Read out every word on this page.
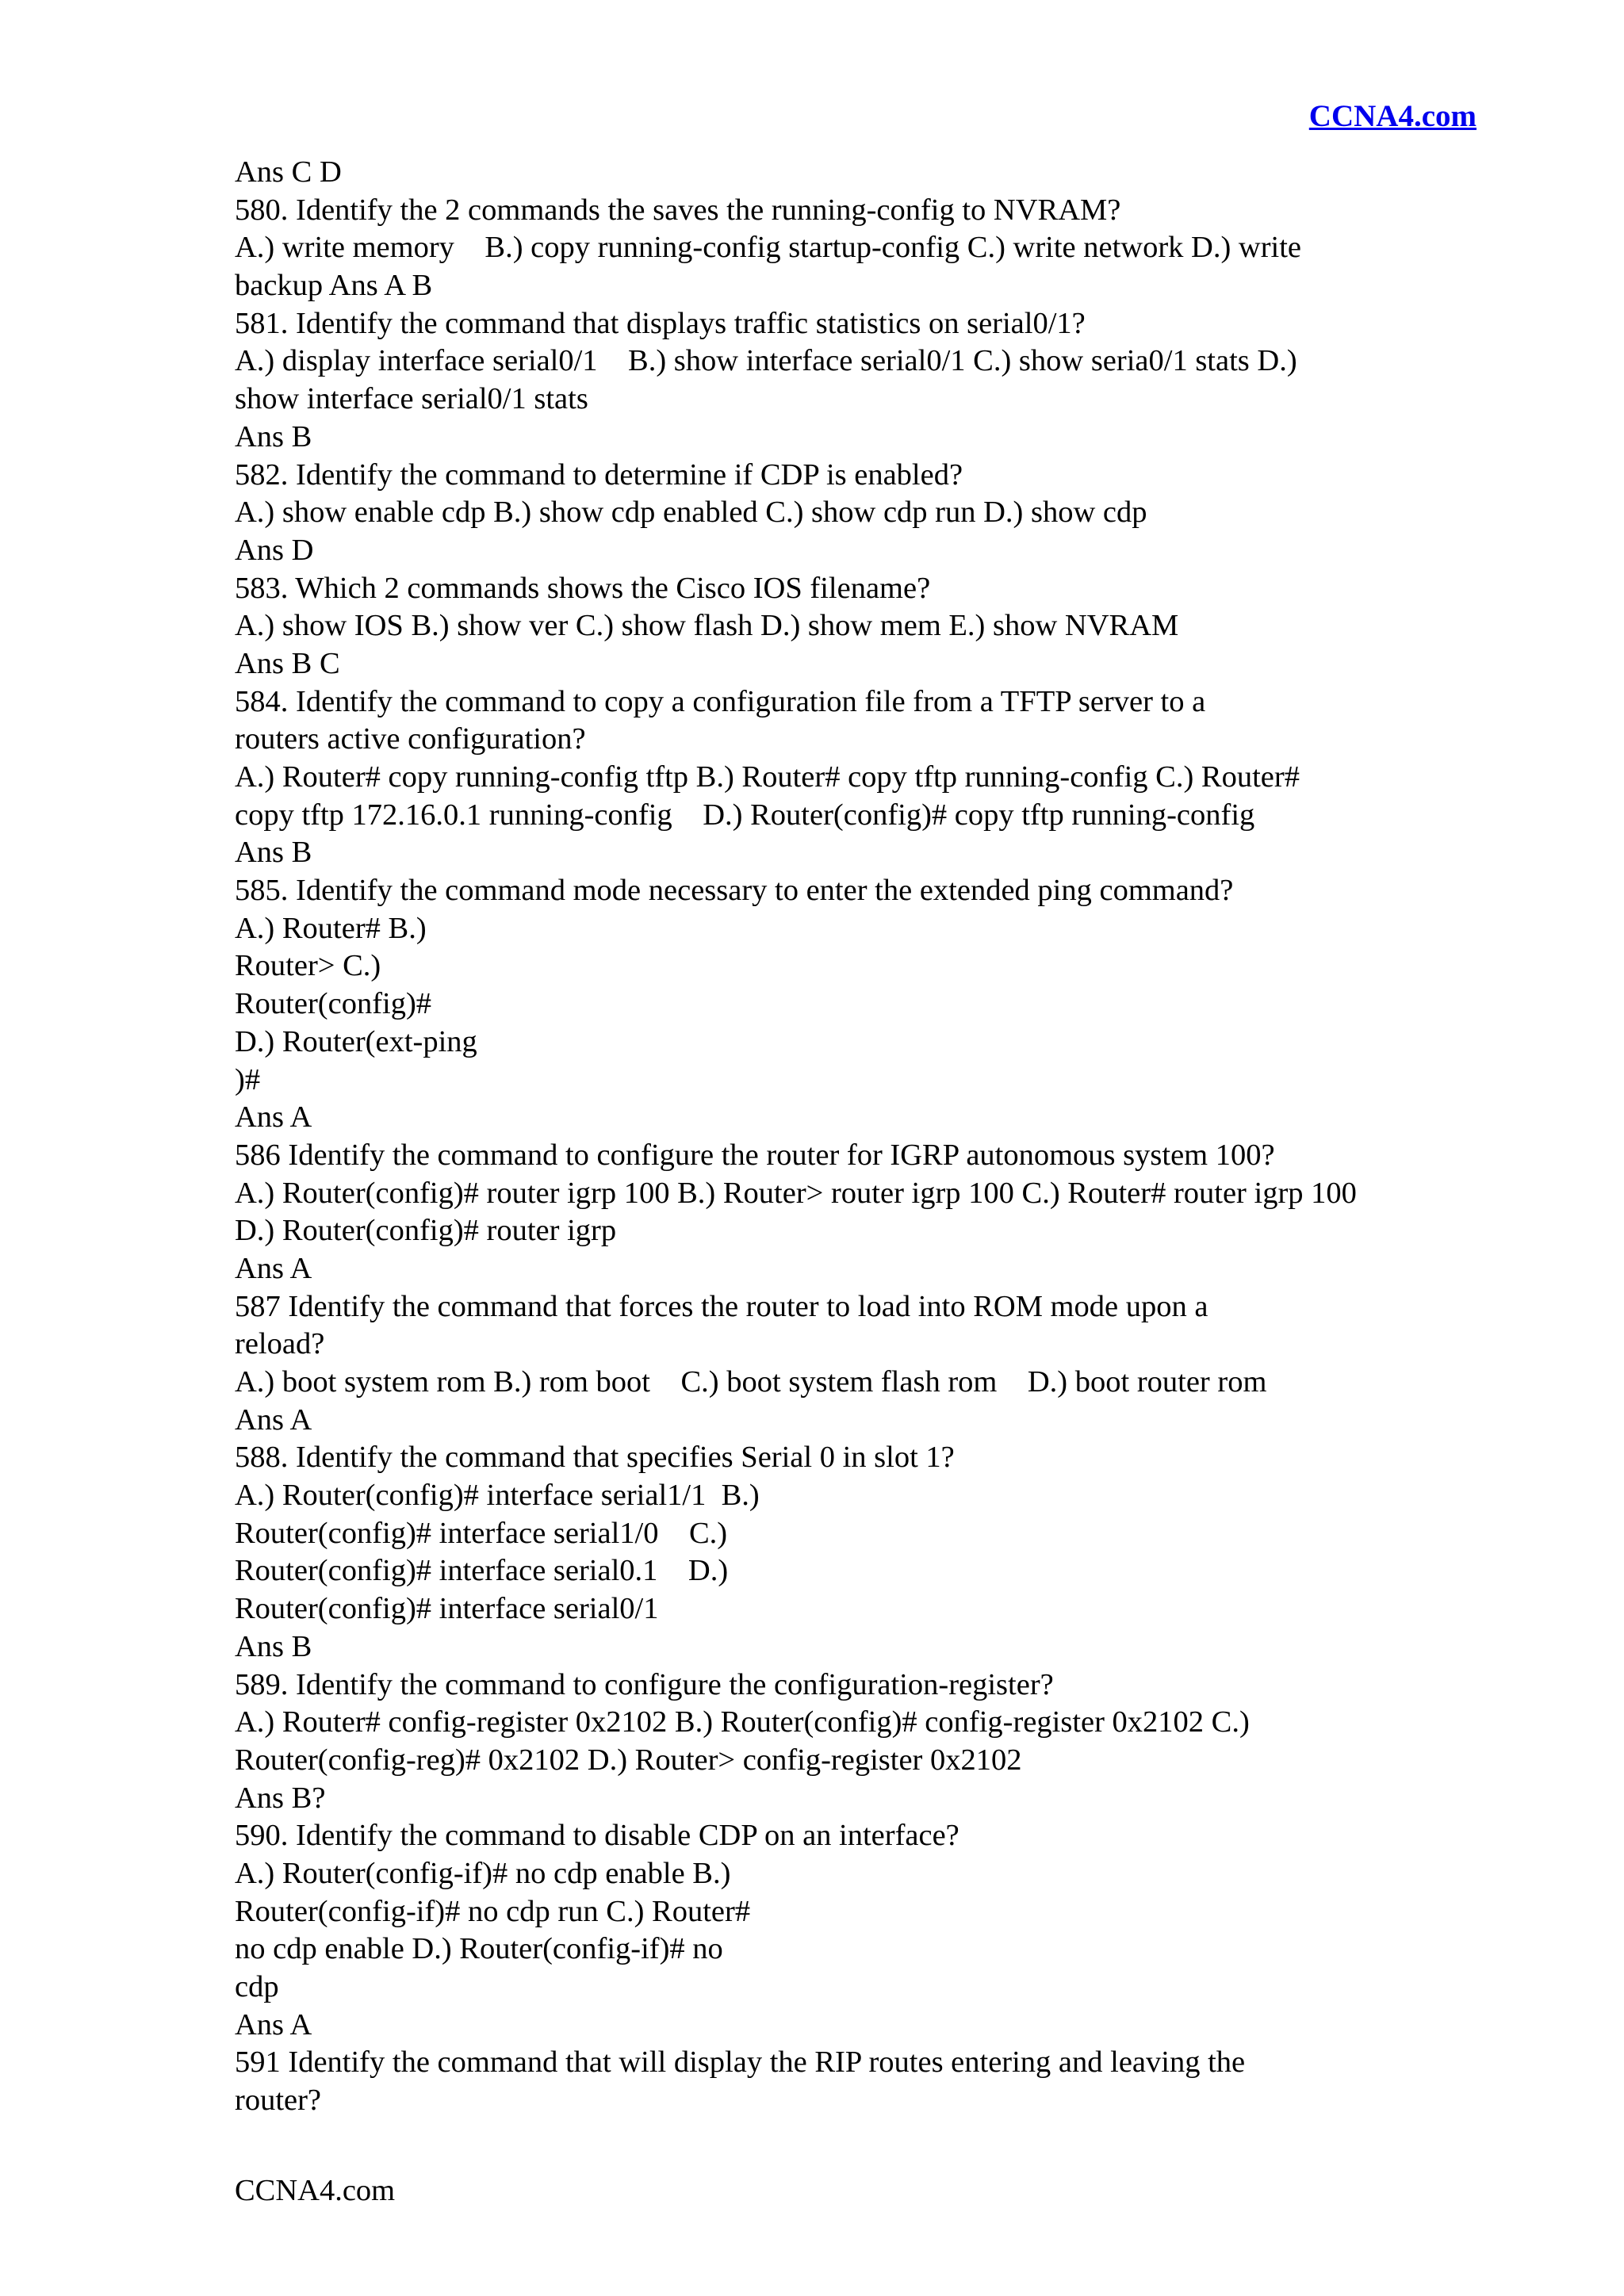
CCNA4.com
Ans C D
580. Identify the 2 commands the saves the running-config to NVRAM?
A.) write memory    B.) copy running-config startup-config C.) write network D.) write
backup Ans A B
581. Identify the command that displays traffic statistics on serial0/1?
A.) display interface serial0/1    B.) show interface serial0/1 C.) show seria0/1 stats D.)
show interface serial0/1 stats
Ans B
582. Identify the command to determine if CDP is enabled?
A.) show enable cdp B.) show cdp enabled C.) show cdp run D.) show cdp
Ans D
583. Which 2 commands shows the Cisco IOS filename?
A.) show IOS B.) show ver C.) show flash D.) show mem E.) show NVRAM
Ans B C
584. Identify the command to copy a configuration file from a TFTP server to a
routers active configuration?
A.) Router# copy running-config tftp B.) Router# copy tftp running-config C.) Router#
copy tftp 172.16.0.1 running-config    D.) Router(config)# copy tftp running-config
Ans B
585. Identify the command mode necessary to enter the extended ping command?
A.) Router# B.)
Router> C.)
Router(config)#
D.) Router(ext-ping
)#
Ans A
586 Identify the command to configure the router for IGRP autonomous system 100?
A.) Router(config)# router igrp 100 B.) Router> router igrp 100 C.) Router# router igrp 100
D.) Router(config)# router igrp
Ans A
587 Identify the command that forces the router to load into ROM mode upon a
reload?
A.) boot system rom B.) rom boot    C.) boot system flash rom    D.) boot router rom
Ans A
588. Identify the command that specifies Serial 0 in slot 1?
A.) Router(config)# interface serial1/1  B.)
Router(config)# interface serial1/0    C.)
Router(config)# interface serial0.1    D.)
Router(config)# interface serial0/1
Ans B
589. Identify the command to configure the configuration-register?
A.) Router# config-register 0x2102 B.) Router(config)# config-register 0x2102 C.)
Router(config-reg)# 0x2102 D.) Router> config-register 0x2102
Ans B?
590. Identify the command to disable CDP on an interface?
A.) Router(config-if)# no cdp enable B.)
Router(config-if)# no cdp run C.) Router#
no cdp enable D.) Router(config-if)# no
cdp
Ans A
591 Identify the command that will display the RIP routes entering and leaving the
router?
CCNA4.com
